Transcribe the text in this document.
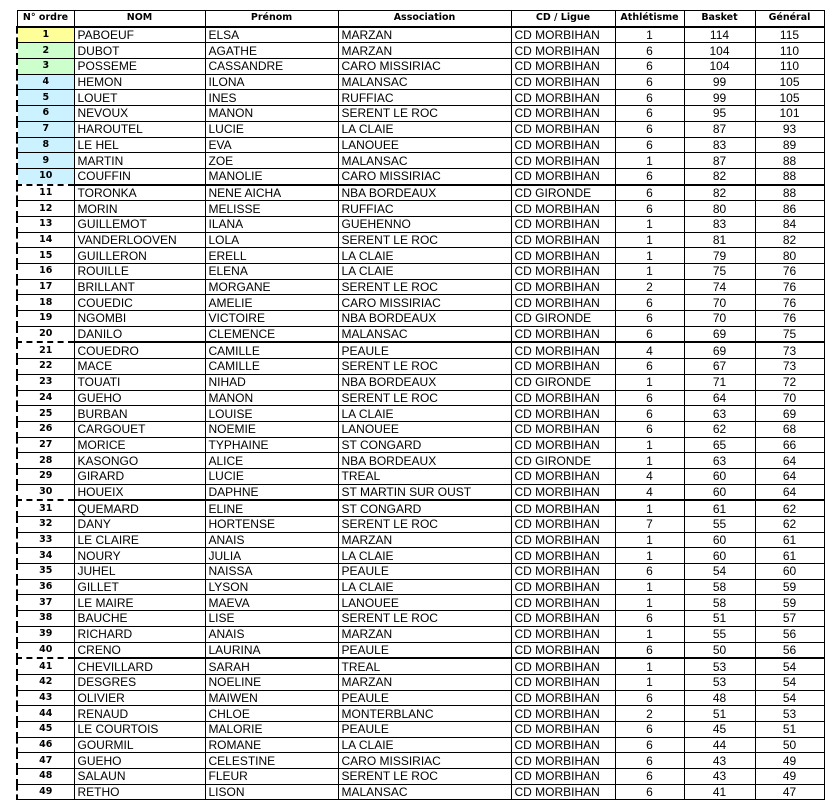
N° ordre	NOM	Prénom	Association	CD / Ligue	Athlétisme	Basket	Général
1	PABOEUF	ELSA	MARZAN	CD MORBIHAN	1	114	115
2	DUBOT	AGATHE	MARZAN	CD MORBIHAN	6	104	110
3	POSSEME	CASSANDRE	CARO MISSIRIAC	CD MORBIHAN	6	104	110
4	HEMON	ILONA	MALANSAC	CD MORBIHAN	6	99	105
5	LOUET	INES	RUFFIAC	CD MORBIHAN	6	99	105
6	NEVOUX	MANON	SERENT LE ROC	CD MORBIHAN	6	95	101
7	HAROUTEL	LUCIE	LA CLAIE	CD MORBIHAN	6	87	93
8	LE HEL	EVA	LANOUEE	CD MORBIHAN	6	83	89
9	MARTIN	ZOE	MALANSAC	CD MORBIHAN	1	87	88
10	COUFFIN	MANOLIE	CARO MISSIRIAC	CD MORBIHAN	6	82	88
11	TORONKA	NENE AICHA	NBA BORDEAUX	CD GIRONDE	6	82	88
12	MORIN	MELISSE	RUFFIAC	CD MORBIHAN	6	80	86
13	GUILLEMOT	ILANA	GUEHENNO	CD MORBIHAN	1	83	84
14	VANDERLOOVEN	LOLA	SERENT LE ROC	CD MORBIHAN	1	81	82
15	GUILLERON	ERELL	LA CLAIE	CD MORBIHAN	1	79	80
16	ROUILLE	ELENA	LA CLAIE	CD MORBIHAN	1	75	76
17	BRILLANT	MORGANE	SERENT LE ROC	CD MORBIHAN	2	74	76
18	COUEDIC	AMELIE	CARO MISSIRIAC	CD MORBIHAN	6	70	76
19	NGOMBI	VICTOIRE	NBA BORDEAUX	CD GIRONDE	6	70	76
20	DANILO	CLEMENCE	MALANSAC	CD MORBIHAN	6	69	75
21	COUEDRO	CAMILLE	PEAULE	CD MORBIHAN	4	69	73
22	MACE	CAMILLE	SERENT LE ROC	CD MORBIHAN	6	67	73
23	TOUATI	NIHAD	NBA BORDEAUX	CD GIRONDE	1	71	72
24	GUEHO	MANON	SERENT LE ROC	CD MORBIHAN	6	64	70
25	BURBAN	LOUISE	LA CLAIE	CD MORBIHAN	6	63	69
26	CARGOUET	NOEMIE	LANOUEE	CD MORBIHAN	6	62	68
27	MORICE	TYPHAINE	ST CONGARD	CD MORBIHAN	1	65	66
28	KASONGO	ALICE	NBA BORDEAUX	CD GIRONDE	1	63	64
29	GIRARD	LUCIE	TREAL	CD MORBIHAN	4	60	64
30	HOUEIX	DAPHNE	ST MARTIN SUR OUST	CD MORBIHAN	4	60	64
31	QUEMARD	ELINE	ST CONGARD	CD MORBIHAN	1	61	62
32	DANY	HORTENSE	SERENT LE ROC	CD MORBIHAN	7	55	62
33	LE CLAIRE	ANAIS	MARZAN	CD MORBIHAN	1	60	61
34	NOURY	JULIA	LA CLAIE	CD MORBIHAN	1	60	61
35	JUHEL	NAISSA	PEAULE	CD MORBIHAN	6	54	60
36	GILLET	LYSON	LA CLAIE	CD MORBIHAN	1	58	59
37	LE MAIRE	MAEVA	LANOUEE	CD MORBIHAN	1	58	59
38	BAUCHE	LISE	SERENT LE ROC	CD MORBIHAN	6	51	57
39	RICHARD	ANAIS	MARZAN	CD MORBIHAN	1	55	56
40	CRENO	LAURINA	PEAULE	CD MORBIHAN	6	50	56
41	CHEVILLARD	SARAH	TREAL	CD MORBIHAN	1	53	54
42	DESGRES	NOELINE	MARZAN	CD MORBIHAN	1	53	54
43	OLIVIER	MAIWEN	PEAULE	CD MORBIHAN	6	48	54
44	RENAUD	CHLOE	MONTERBLANC	CD MORBIHAN	2	51	53
45	LE COURTOIS	MALORIE	PEAULE	CD MORBIHAN	6	45	51
46	GOURMIL	ROMANE	LA CLAIE	CD MORBIHAN	6	44	50
47	GUEHO	CELESTINE	CARO MISSIRIAC	CD MORBIHAN	6	43	49
48	SALAUN	FLEUR	SERENT LE ROC	CD MORBIHAN	6	43	49
49	RETHO	LISON	MALANSAC	CD MORBIHAN	6	41	47
